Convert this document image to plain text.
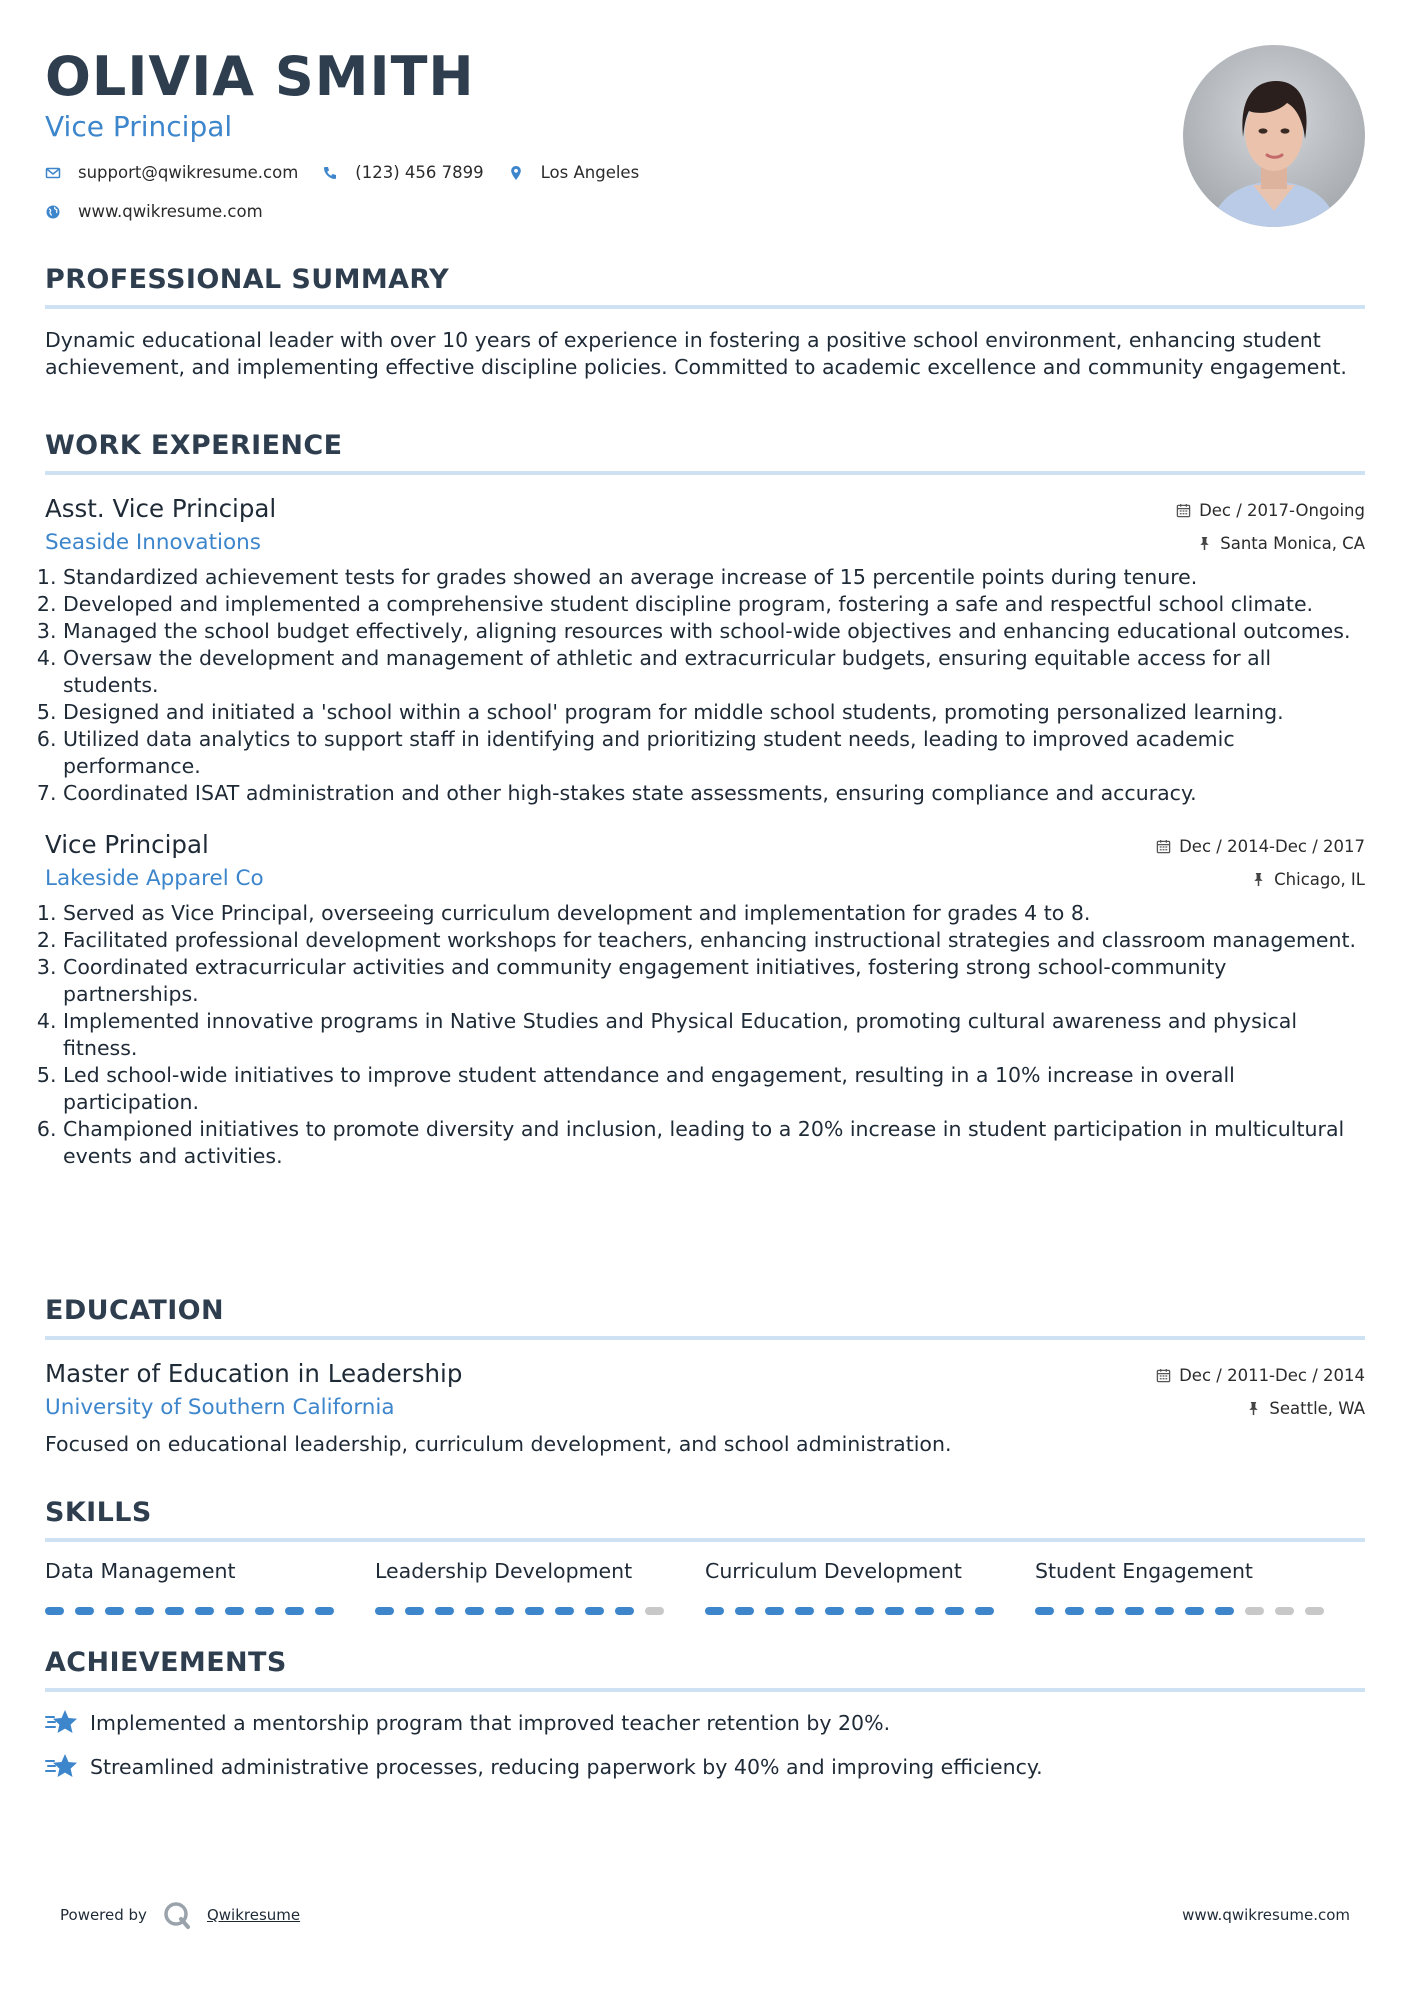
OLIVIA SMITH
Vice Principal
support@qwikresume.com	(123) 456 7899	Los Angeles
www.qwikresume.com
PROFESSIONAL SUMMARY
Dynamic educational leader with over 10 years of experience in fostering a positive school environment, enhancing student achievement, and implementing effective discipline policies. Committed to academic excellence and community engagement.
WORK EXPERIENCE
Asst. Vice Principal
Seaside Innovations
Dec / 2017-Ongoing
Santa Monica, CA
1. Standardized achievement tests for grades showed an average increase of 15 percentile points during tenure.
2. Developed and implemented a comprehensive student discipline program, fostering a safe and respectful school climate.
3. Managed the school budget effectively, aligning resources with school-wide objectives and enhancing educational outcomes.
4. Oversaw the development and management of athletic and extracurricular budgets, ensuring equitable access for all students.
5. Designed and initiated a 'school within a school' program for middle school students, promoting personalized learning.
6. Utilized data analytics to support staff in identifying and prioritizing student needs, leading to improved academic performance.
7. Coordinated ISAT administration and other high-stakes state assessments, ensuring compliance and accuracy.
Vice Principal
Lakeside Apparel Co
Dec / 2014-Dec / 2017
Chicago, IL
1. Served as Vice Principal, overseeing curriculum development and implementation for grades 4 to 8.
2. Facilitated professional development workshops for teachers, enhancing instructional strategies and classroom management.
3. Coordinated extracurricular activities and community engagement initiatives, fostering strong school-community partnerships.
4. Implemented innovative programs in Native Studies and Physical Education, promoting cultural awareness and physical fitness.
5. Led school-wide initiatives to improve student attendance and engagement, resulting in a 10% increase in overall participation.
6. Championed initiatives to promote diversity and inclusion, leading to a 20% increase in student participation in multicultural events and activities.
EDUCATION
Master of Education in Leadership
University of Southern California
Dec / 2011-Dec / 2014
Seattle, WA
Focused on educational leadership, curriculum development, and school administration.
SKILLS
Data Management	Leadership Development	Curriculum Development	Student Engagement
ACHIEVEMENTS
Implemented a mentorship program that improved teacher retention by 20%.
Streamlined administrative processes, reducing paperwork by 40% and improving efficiency.
Powered by	Qwikresume	www.qwikresume.com
